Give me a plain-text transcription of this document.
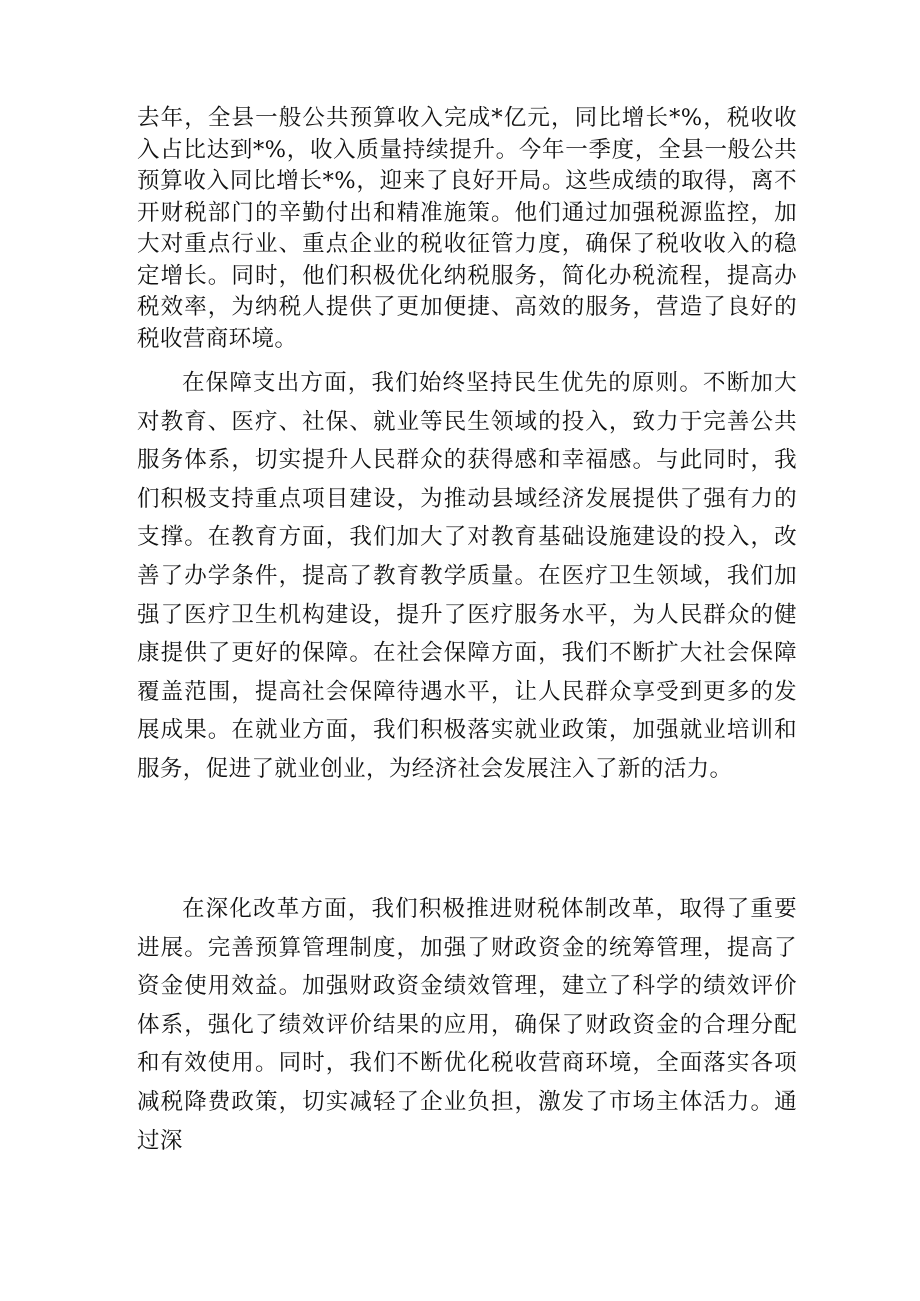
去年，全县一般公共预算收入完成*亿元，同比增长*%，税收收入占比达到*%，收入质量持续提升。今年一季度，全县一般公共预算收入同比增长*%，迎来了良好开局。这些成绩的取得，离不开财税部门的辛勤付出和精准施策。他们通过加强税源监控，加大对重点行业、重点企业的税收征管力度，确保了税收收入的稳定增长。同时，他们积极优化纳税服务，简化办税流程，提高办税效率，为纳税人提供了更加便捷、高效的服务，营造了良好的税收营商环境。

在保障支出方面，我们始终坚持民生优先的原则。不断加大对教育、医疗、社保、就业等民生领域的投入，致力于完善公共服务体系，切实提升人民群众的获得感和幸福感。与此同时，我们积极支持重点项目建设，为推动县域经济发展提供了强有力的支撑。在教育方面，我们加大了对教育基础设施建设的投入，改善了办学条件，提高了教育教学质量。在医疗卫生领域，我们加强了医疗卫生机构建设，提升了医疗服务水平，为人民群众的健康提供了更好的保障。在社会保障方面，我们不断扩大社会保障覆盖范围，提高社会保障待遇水平，让人民群众享受到更多的发展成果。在就业方面，我们积极落实就业政策，加强就业培训和服务，促进了就业创业，为经济社会发展注入了新的活力。

在深化改革方面，我们积极推进财税体制改革，取得了重要进展。完善预算管理制度，加强了财政资金的统筹管理，提高了资金使用效益。加强财政资金绩效管理，建立了科学的绩效评价体系，强化了绩效评价结果的应用，确保了财政资金的合理分配和有效使用。同时，我们不断优化税收营商环境，全面落实各项减税降费政策，切实减轻了企业负担，激发了市场主体活力。通过深
